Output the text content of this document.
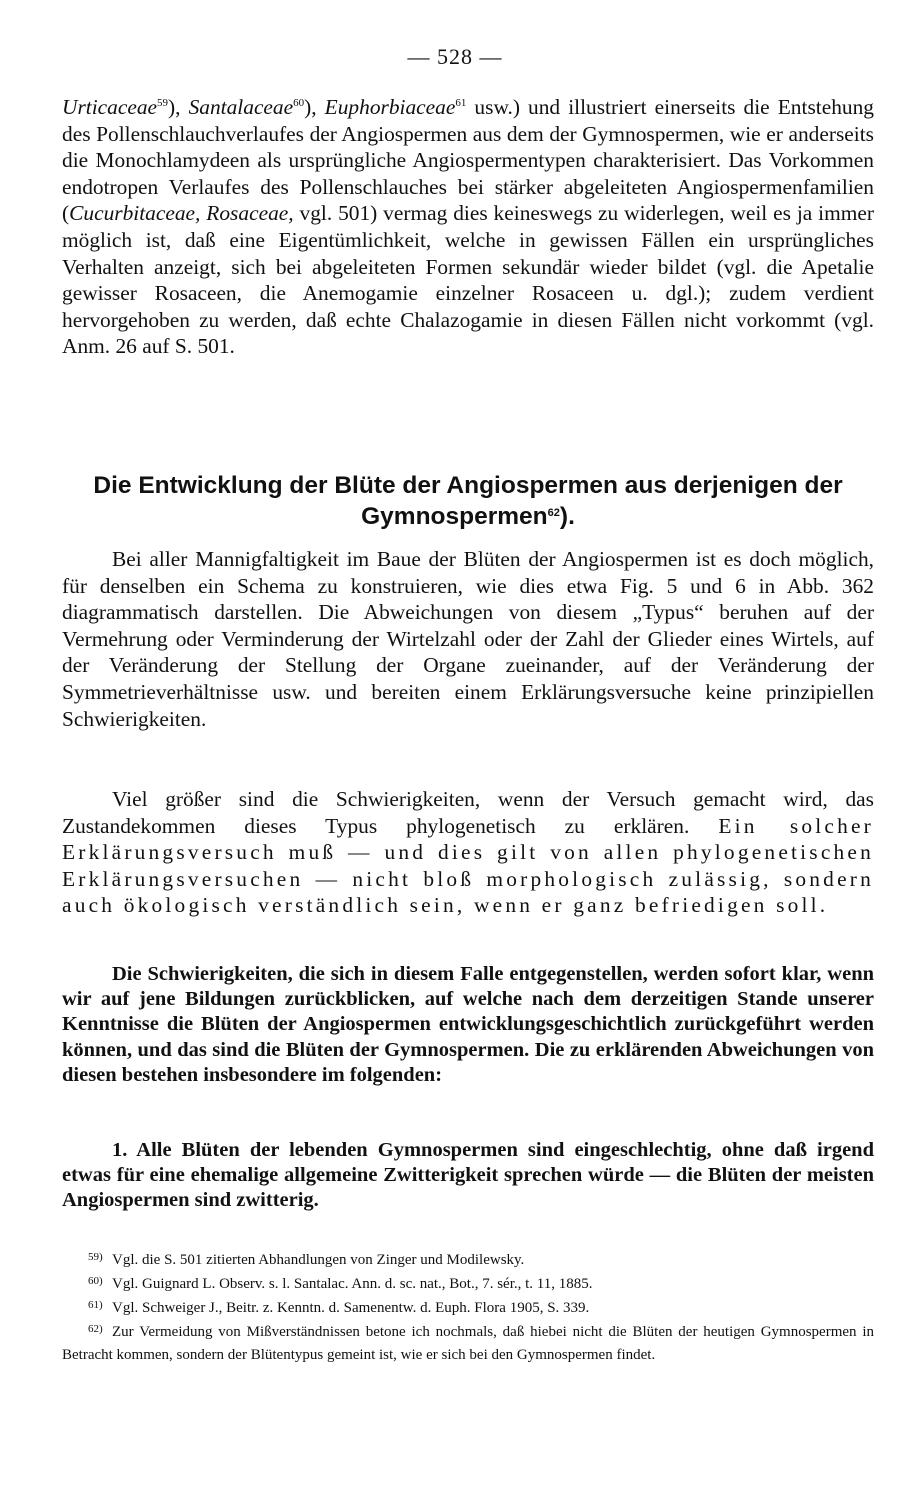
— 528 —

Urticaceae$^{59}$), Santalaceae$^{60}$), Euphorbiaceae$^{61}$ usw.) und illustriert einerseits die Entstehung des Pollenschlauchverlaufes der Angiospermen aus dem der Gymnospermen, wie er anderseits die Monochlamydeen als ursprüngliche Angiospermentypen charakterisiert. Das Vorkommen endotropen Verlaufes des Pollenschlauches bei stärker abgeleiteten Angiospermenfamilien (Cucurbitaceae, Rosaceae, vgl. 501) vermag dies keineswegs zu widerlegen, weil es ja immer möglich ist, daß eine Eigentümlichkeit, welche in gewissen Fällen ein ursprüngliches Verhalten anzeigt, sich bei abgeleiteten Formen sekundär wieder bildet (vgl. die Apetalie gewisser Rosaceen, die Anemogamie einzelner Rosaceen u. dgl.); zudem verdient hervorgehoben zu werden, daß echte Chalazogamie in diesen Fällen nicht vorkommt (vgl. Anm. 26 auf S. 501.

Die Entwicklung der Blüte der Angiospermen aus derjenigen der Gymnospermen$^{62}$).

Bei aller Mannigfaltigkeit im Baue der Blüten der Angiospermen ist es doch möglich, für denselben ein Schema zu konstruieren, wie dies etwa Fig. 5 und 6 in Abb. 362 diagrammatisch darstellen. Die Abweichungen von diesem „Typus“ beruhen auf der Vermehrung oder Verminderung der Wirtelzahl oder der Zahl der Glieder eines Wirtels, auf der Veränderung der Stellung der Organe zueinander, auf der Veränderung der Symmetrieverhältnisse usw. und bereiten einem Erklärungsversuche keine prinzipiellen Schwierigkeiten.

Viel größer sind die Schwierigkeiten, wenn der Versuch gemacht wird, das Zustandekommen dieses Typus phylogenetisch zu erklären. Ein solcher Erklärungsversuch muß — und dies gilt von allen phylogenetischen Erklärungsversuchen — nicht bloß morphologisch zulässig, sondern auch ökologisch verständlich sein, wenn er ganz befriedigen soll.

Die Schwierigkeiten, die sich in diesem Falle entgegenstellen, werden sofort klar, wenn wir auf jene Bildungen zurückblicken, auf welche nach dem derzeitigen Stande unserer Kenntnisse die Blüten der Angiospermen entwicklungsgeschichtlich zurückgeführt werden können, und das sind die Blüten der Gymnospermen. Die zu erklärenden Abweichungen von diesen bestehen insbesondere im folgenden:

1. Alle Blüten der lebenden Gymnospermen sind eingeschlechtig, ohne daß irgend etwas für eine ehemalige allgemeine Zwitterigkeit sprechen würde — die Blüten der meisten Angiospermen sind zwitterig.

59) Vgl. die S. 501 zitierten Abhandlungen von Zinger und Modilewsky.
60) Vgl. Guignard L. Observ. s. l. Santalac. Ann. d. sc. nat., Bot., 7. sér., t. 11, 1885.
61) Vgl. Schweiger J., Beitr. z. Kenntn. d. Samenentw. d. Euph. Flora 1905, S. 339.
62) Zur Vermeidung von Mißverständnissen betone ich nochmals, daß hiebei nicht die Blüten der heutigen Gymnospermen in Betracht kommen, sondern der Blütentypus gemeint ist, wie er sich bei den Gymnospermen findet.
